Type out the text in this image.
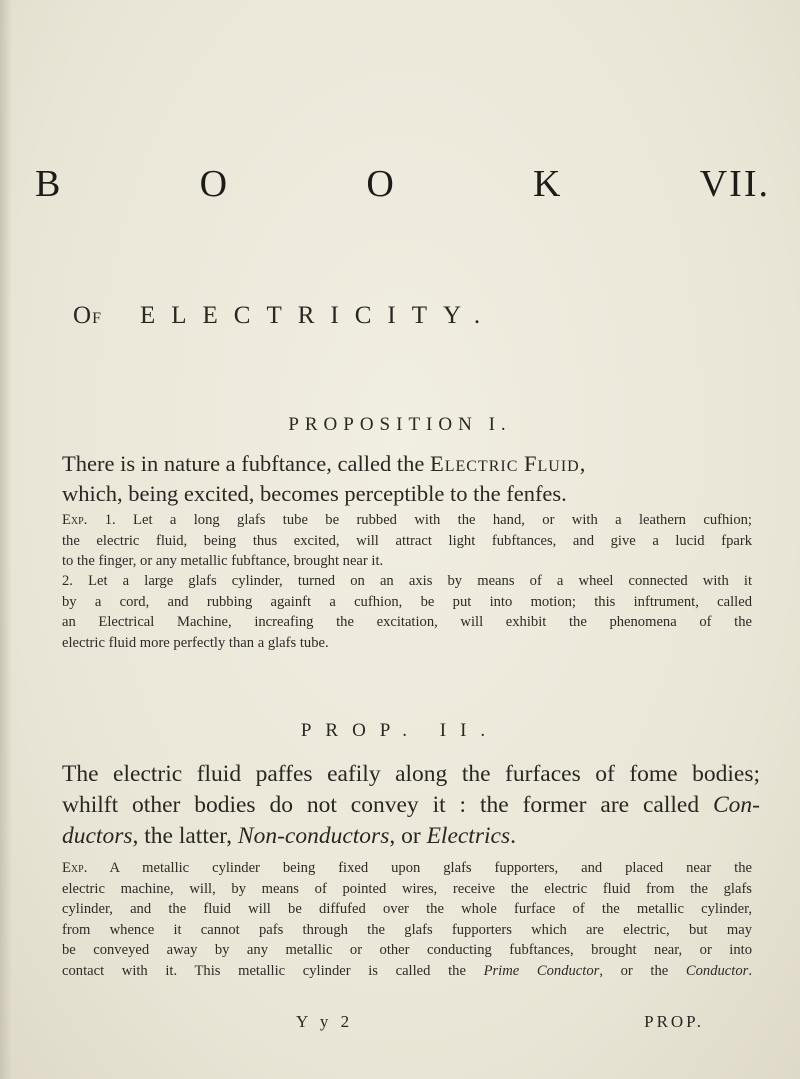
B	O	O	K	VII.
O F ELECTRICITY.
PROPOSITION I.
There is in nature a fubftance, called the Electric Fluid,
which, being excited, becomes perceptible to the fenfes.
Exp. 1. Let a long glafs tube be rubbed with the hand, or with a leathern cufhion;
the electric fluid, being thus excited, will attract light fubftances, and give a lucid fpark
to the finger, or any metallic fubftance, brought near it.
2. Let a large glafs cylinder, turned on an axis by means of a wheel connected with it
by a cord, and rubbing againft a cufhion, be put into motion; this inftrument, called
an Electrical Machine, increafing the excitation, will exhibit the phenomena of the
electric fluid more perfectly than a glafs tube.
PROP. II.
The electric fluid paffes eafily along the furfaces of fome bodies;
whilft other bodies do not convey it : the former are called Con-
ductors, the latter, Non-conductors, or Electrics.
Exp. A metallic cylinder being fixed upon glafs fupporters, and placed near the
electric machine, will, by means of pointed wires, receive the electric fluid from the glafs
cylinder, and the fluid will be diffufed over the whole furface of the metallic cylinder,
from whence it cannot pafs through the glafs fupporters which are electric, but may
be conveyed away by any metallic or other conducting fubftances, brought near, or into
contact with it. This metallic cylinder is called the Prime Conductor, or the Conductor.
Y y 2	PROP.
